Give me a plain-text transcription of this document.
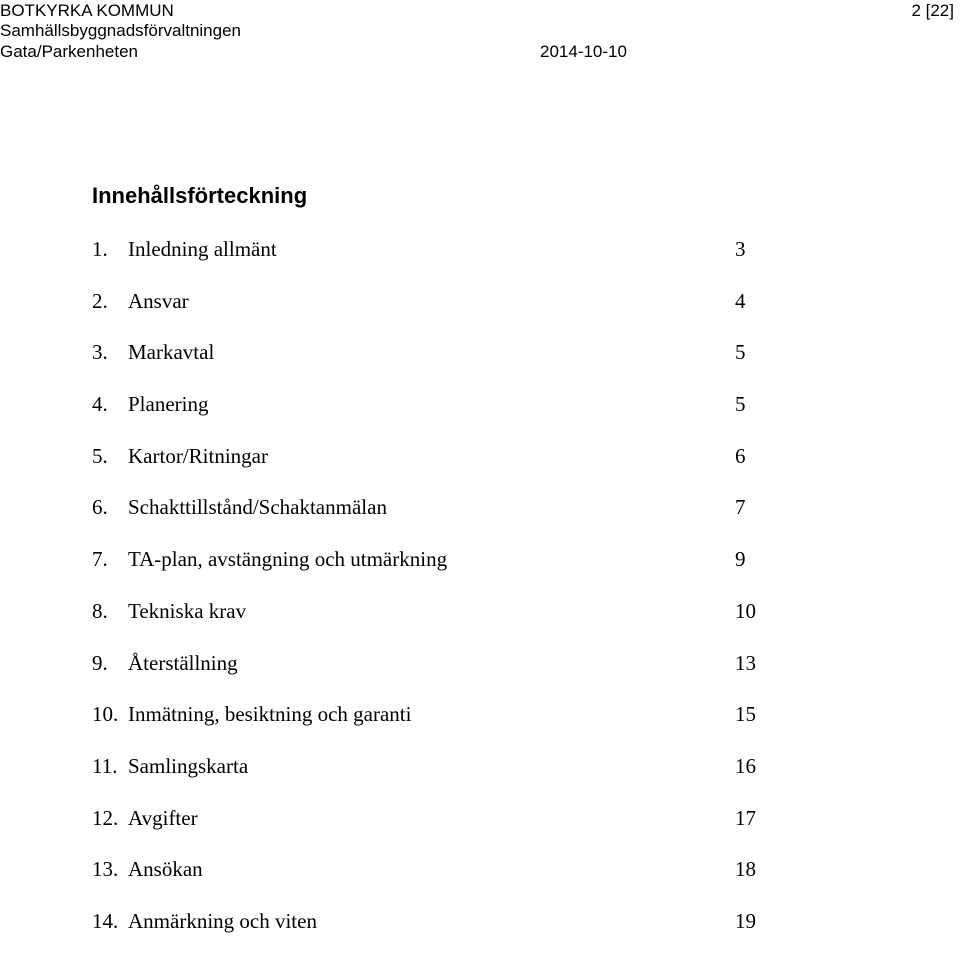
BOTKYRKA KOMMUN	2 [22]
Samhällsbyggnadsförvaltningen
Gata/Parkenheten	2014-10-10
Innehållsförteckning
1. Inledning allmänt	3
2. Ansvar	4
3. Markavtal	5
4. Planering	5
5. Kartor/Ritningar	6
6. Schakttillstånd/Schaktanmälan	7
7. TA-plan, avstängning och utmärkning	9
8. Tekniska krav	10
9. Återställning	13
10. Inmätning, besiktning och garanti	15
11. Samlingskarta	16
12. Avgifter	17
13. Ansökan	18
14. Anmärkning och viten	19
